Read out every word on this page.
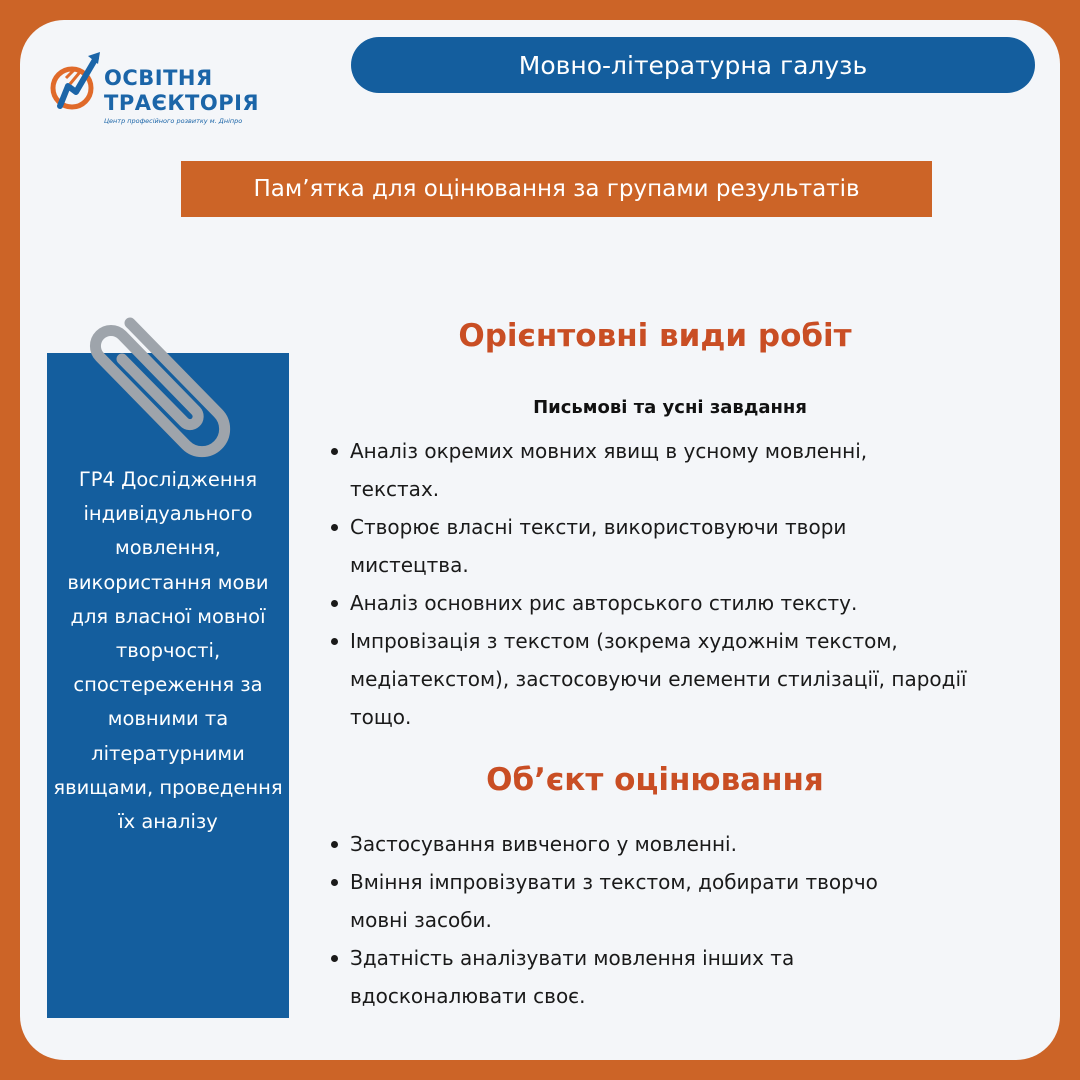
ОСВІТНЯ
ТРАЄКТОРІЯ
Центр професійного розвитку м. Дніпро
Мовно-літературна галузь
Пам’ятка для оцінювання за групами результатів
ГР4 Дослідження індивідуального мовлення, використання мови для власної мовної творчості, спостереження за мовними та літературними явищами, проведення їх аналізу
Орієнтовні види робіт
Письмові та усні завдання
Аналіз окремих мовних явищ в усному мовленні, текстах.
Створює власні тексти, використовуючи твори мистецтва.
Аналіз основних рис авторського стилю тексту.
Імпровізація з текстом (зокрема художнім текстом, медіатекстом), застосовуючи елементи стилізації, пародії тощо.
Об’єкт оцінювання
Застосування вивченого у мовленні.
Вміння імпровізувати з текстом, добирати творчо мовні засоби.
Здатність аналізувати мовлення інших та вдосконалювати своє.
